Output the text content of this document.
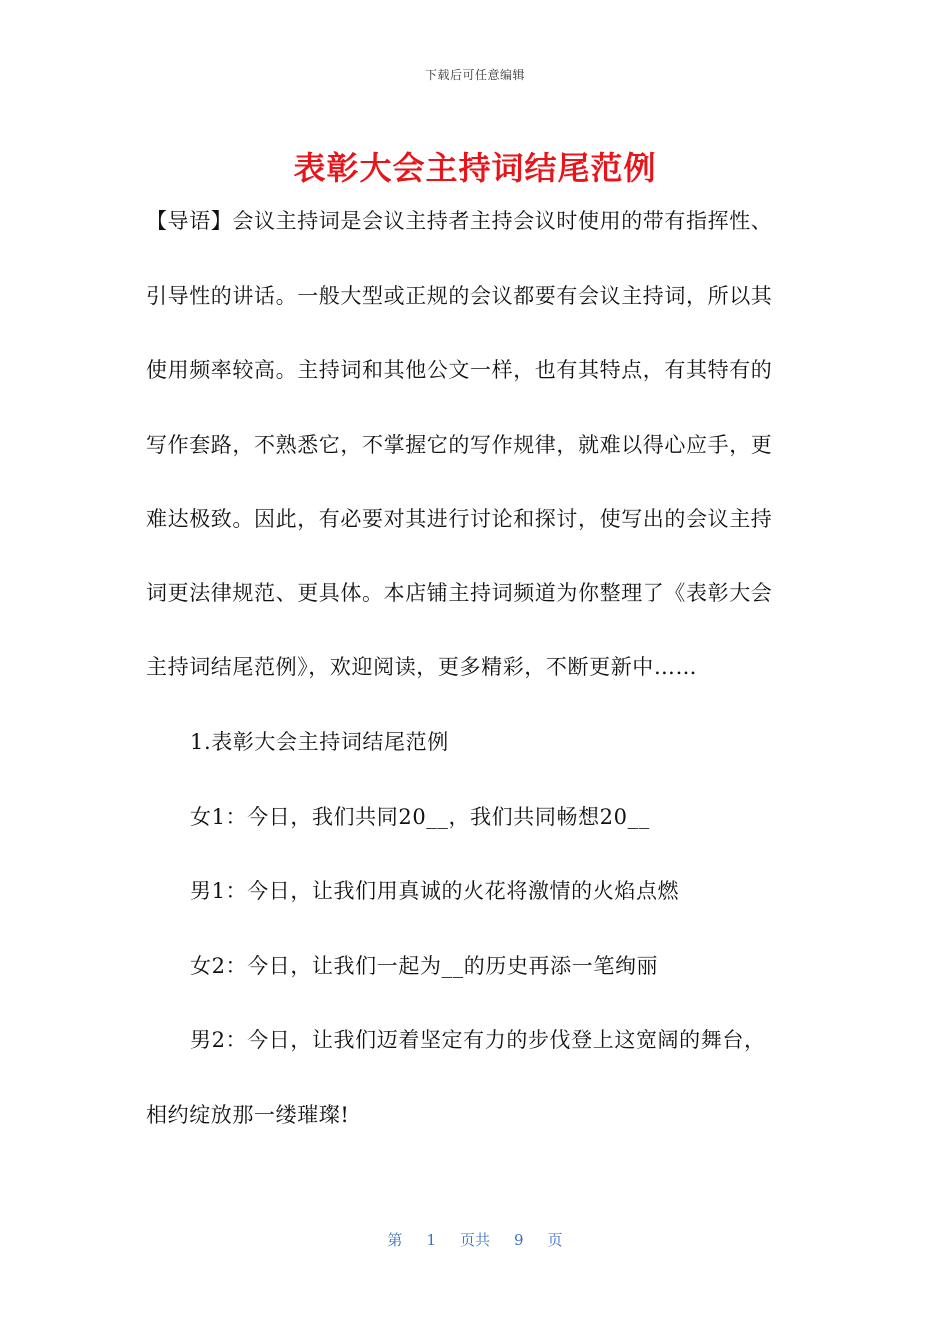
下载后可任意编辑
表彰大会主持词结尾范例
【导语】会议主持词是会议主持者主持会议时使用的带有指挥性、
引导性的讲话。一般大型或正规的会议都要有会议主持词，所以其
使用频率较高。主持词和其他公文一样，也有其特点，有其特有的
写作套路，不熟悉它，不掌握它的写作规律，就难以得心应手，更
难达极致。因此，有必要对其进行讨论和探讨，使写出的会议主持
词更法律规范、更具体。本店铺主持词频道为你整理了《表彰大会
主持词结尾范例》，欢迎阅读，更多精彩，不断更新中……
1.表彰大会主持词结尾范例
女1：今日，我们共同20__，我们共同畅想20__
男1：今日，让我们用真诚的火花将激情的火焰点燃
女2：今日，让我们一起为__的历史再添一笔绚丽
男2：今日，让我们迈着坚定有力的步伐登上这宽阔的舞台，
相约绽放那一缕璀璨!
第 1 页共 9 页
